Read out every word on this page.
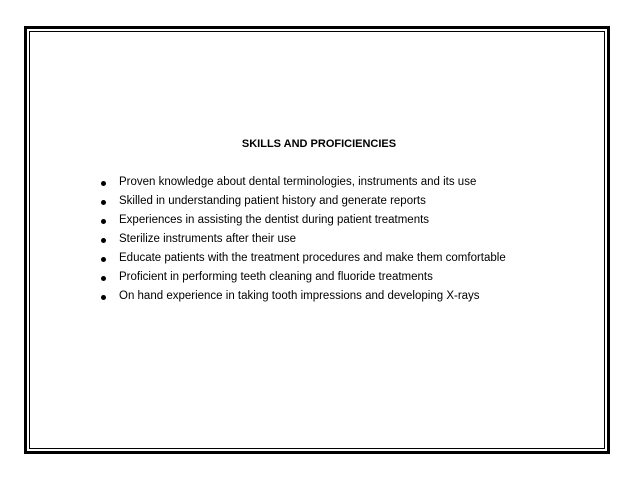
SKILLS AND PROFICIENCIES
Proven knowledge about dental terminologies, instruments and its use
Skilled in understanding patient history and generate reports
Experiences in assisting the dentist during patient treatments
Sterilize instruments after their use
Educate patients with the treatment procedures and make them comfortable
Proficient in performing teeth cleaning and fluoride treatments
On hand experience in taking tooth impressions and developing X-rays
